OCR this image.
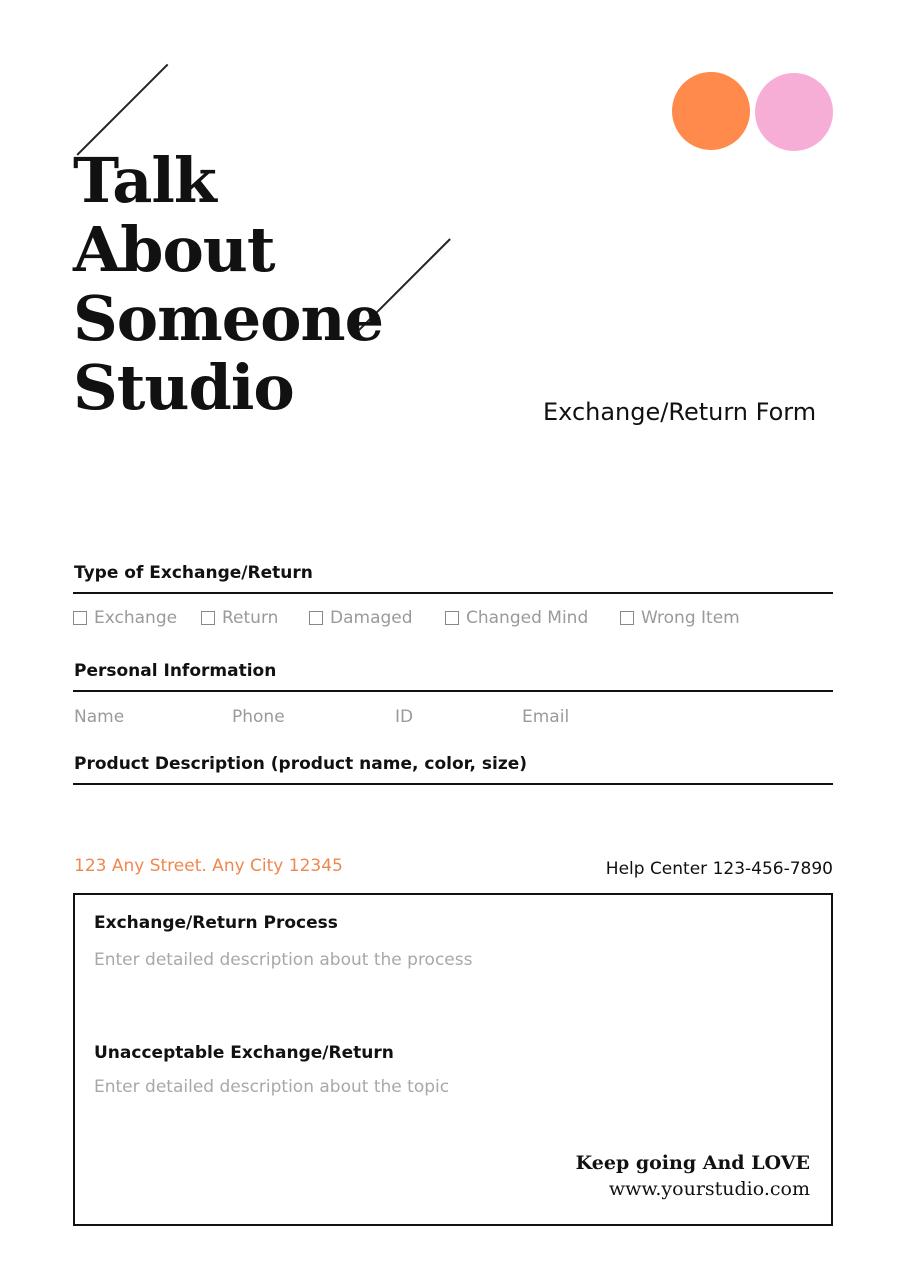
Talk
About
Someone
Studio	Exchange/Return Form
Type of Exchange/Return
Exchange	Return	Damaged	Changed Mind	Wrong Item
Personal Information
Name	Phone	ID	Email
Product Description (product name, color, size)
123 Any Street. Any City 12345	Help Center 123-456-7890
Exchange/Return Process
Enter detailed description about the process
Unacceptable Exchange/Return
Enter detailed description about the topic
Keep going And LOVE
www.yourstudio.com
